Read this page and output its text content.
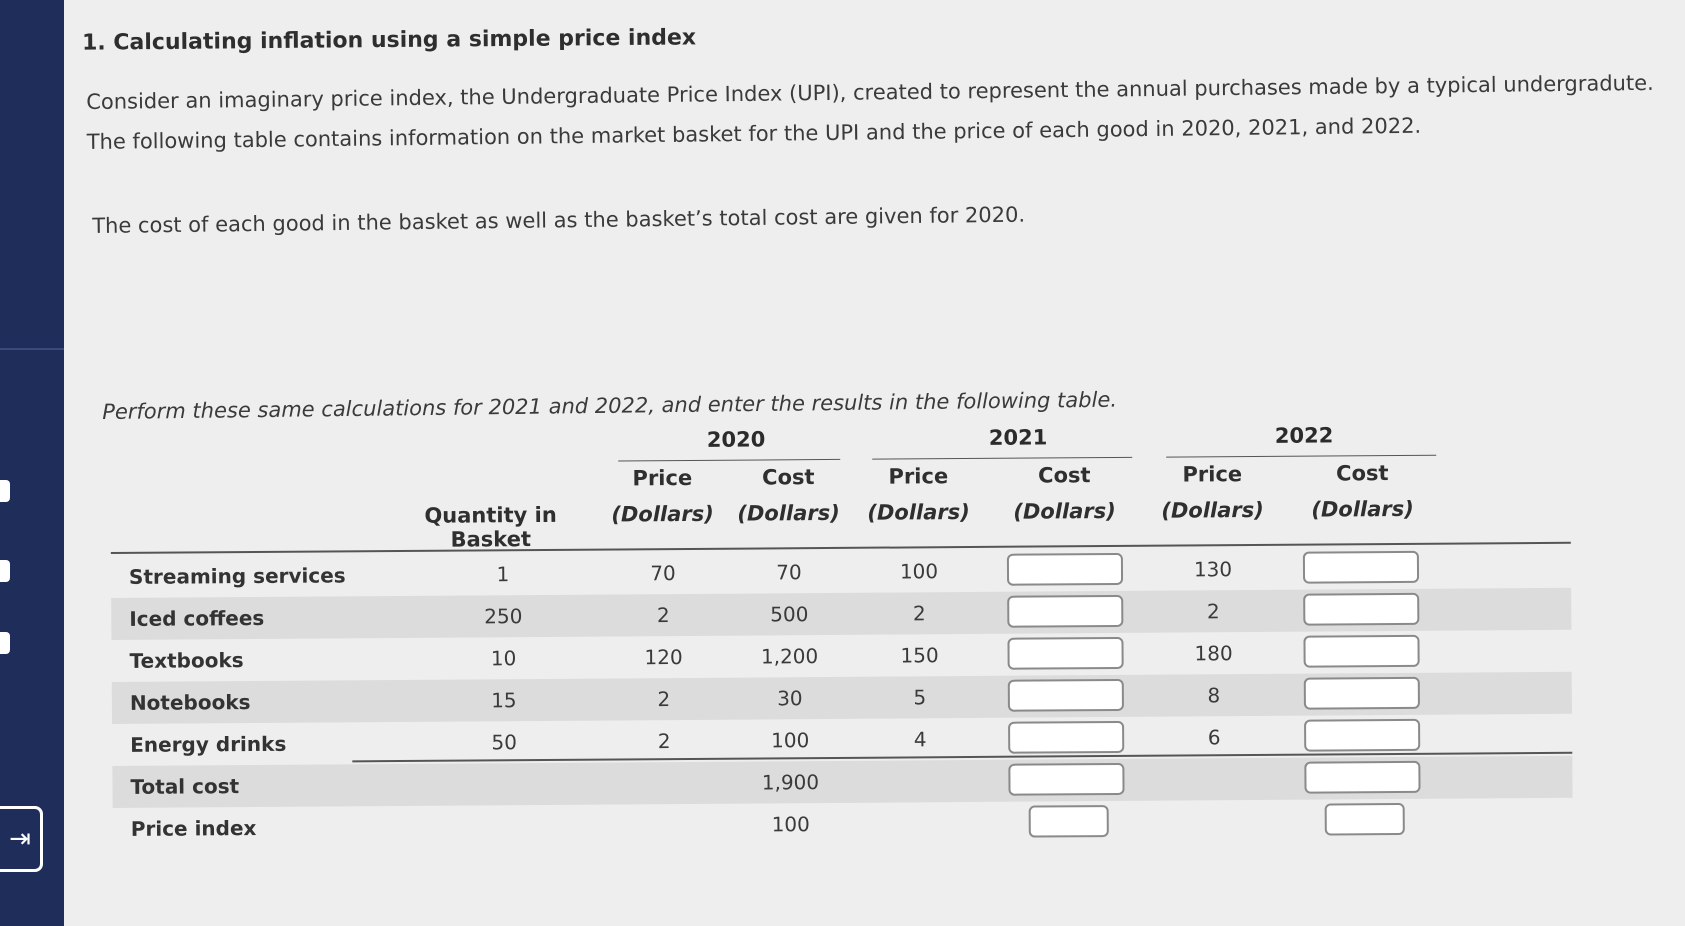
⇥
1. Calculating inflation using a simple price index
Consider an imaginary price index, the Undergraduate Price Index (UPI), created to represent the annual purchases made by a typical undergradute.
The following table contains information on the market basket for the UPI and the price of each good in 2020, 2021, and 2022.
The cost of each good in the basket as well as the basket’s total cost are given for 2020.
Perform these same calculations for 2021 and 2022, and enter the results in the following table.
2020	2021	2022
Price
(Dollars)
Cost
(Dollars)
Price
(Dollars)
Cost
(Dollars)
Price
(Dollars)
Cost
(Dollars)
Quantity in Basket
Streaming services	1	70	70	100	130
Iced coffees	250	2	500	2	2
Textbooks	10	120	1,200	150	180
Notebooks	15	2	30	5	8
Energy drinks	50	2	100	4	6
Total cost	1,900
Price index	100
